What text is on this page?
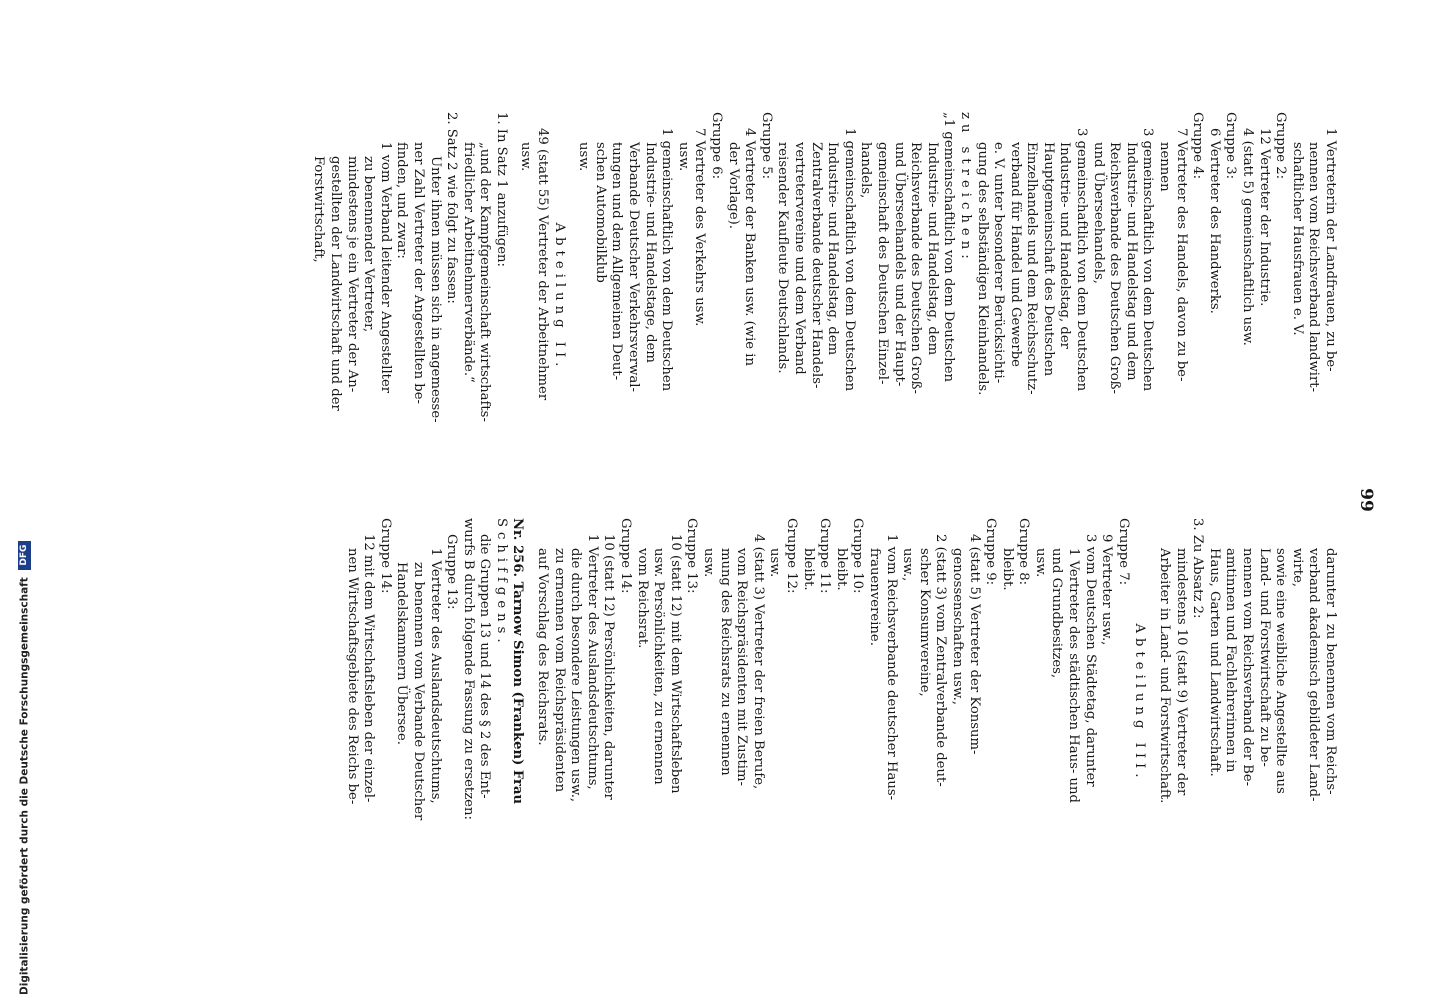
99
1 Vertreterin der Landfrauen, zu be-
nennen vom Reichsverband landwirt-
schaftlicher Hausfrauen e. V.
Gruppe 2:
12 Vertreter der Industrie.
4 (statt 5) gemeinschaftlich usw.
Gruppe 3:
6 Vertreter des Handwerks.
Gruppe 4:
7 Vertreter des Handels, davon zu be-
nennen
3 gemeinschaftlich von dem Deutschen
Industrie- und Handelstag und dem
Reichsverbande des Deutschen Groß-
und Überseehandels,
3 gemeinschaftlich von dem Deutschen
Industrie- und Handelstag, der
Hauptgemeinschaft des Deutschen
Einzelhandels und dem Reichsschutz-
verband für Handel und Gewerbe
e. V. unter besonderer Berücksichti-
gung des selbständigen Kleinhandels.
zu streichen:
„1 gemeinschaftlich von dem Deutschen
Industrie- und Handelstag, dem
Reichsverbande des Deutschen Groß-
und Überseehandels und der Haupt-
gemeinschaft des Deutschen Einzel-
handels,
1 gemeinschaftlich von dem Deutschen
Industrie- und Handelstag, dem
Zentralverbande deutscher Handels-
vertretervereine und dem Verband
reisender Kaufleute Deutschlands.
Gruppe 5:
4 Vertreter der Banken usw. (wie in
der Vorlage).
Gruppe 6:
7 Vertreter des Verkehrs usw.
usw.
1 gemeinschaftlich von dem Deutschen
Industrie- und Handelstage, dem
Verbande Deutscher Verkehrsverwal-
tungen und dem Allgemeinen Deut-
schen Automobilklub
usw.
Abteilung II.
49 (statt 55) Vertreter der Arbeitnehmer
usw.
1. In Satz 1 anzufügen:
„und der Kampfgemeinschaft wirtschafts-
friedlicher Arbeitnehmerverbände.“
2. Satz 2 wie folgt zu fassen:
Unter ihnen müssen sich in angemesse-
ner Zahl Vertreter der Angestellten be-
finden, und zwar:
1 vom Verband leitender Angestellter
zu benennender Vertreter,
mindestens je ein Vertreter der An-
gestellten der Landwirtschaft und der
Forstwirtschaft,
darunter 1 zu benennen vom Reichs-
verband akademisch gebildeter Land-
wirte,
sowie eine weibliche Angestellte aus
Land- und Forstwirtschaft zu be-
nennen vom Reichsverband der Be-
amtinnen und Fachlehrerinnen in
Haus, Garten und Landwirtschaft.
3. Zu Absatz 2:
mindestens 10 (statt 9) Vertreter der
Arbeiter in Land- und Forstwirtschaft.
Abteilung III.
Gruppe 7:
9 Vertreter usw.,
3 vom Deutschen Städtetag, darunter
1 Vertreter des städtischen Haus- und
und Grundbesitzes,
usw.
Gruppe 8:
bleibt.
Gruppe 9:
4 (statt 5) Vertreter der Konsum-
genossenschaften usw.,
2 (statt 3) vom Zentralverbande deut-
scher Konsumvereine,
usw.,
1 vom Reichsverbande deutscher Haus-
frauenvereine.
Gruppe 10:
bleibt.
Gruppe 11:
bleibt.
Gruppe 12:
usw.
4 (statt 3) Vertreter der freien Berufe,
vom Reichspräsidenten mit Zustim-
mung des Reichsrats zu ernennen
usw.
Gruppe 13:
10 (statt 12) mit dem Wirtschaftsleben
usw. Persönlichkeiten, zu ernennen
vom Reichsrat.
Gruppe 14:
10 (statt 12) Persönlichkeiten, darunter
1 Vertreter des Auslandsdeutschtums,
die durch besondere Leistungen usw.,
zu ernennen vom Reichspräsidenten
auf Vorschlag des Reichsrats.
Nr. 256. Tarnow Simon (Franken) Frau
Schiffgens.
die Gruppen 13 und 14 des § 2 des Ent-
wurfs B durch folgende Fassung zu ersetzen:
Gruppe 13:
1 Vertreter des Auslandsdeutschtums,
zu benennen vom Verbande Deutscher
Handelskammern Übersee.
Gruppe 14:
12 mit dem Wirtschaftsleben der einzel-
nen Wirtschaftsgebiete des Reichs be-
Digitalisierung gefördert durch die Deutsche Forschungsgemeinschaft DFG
